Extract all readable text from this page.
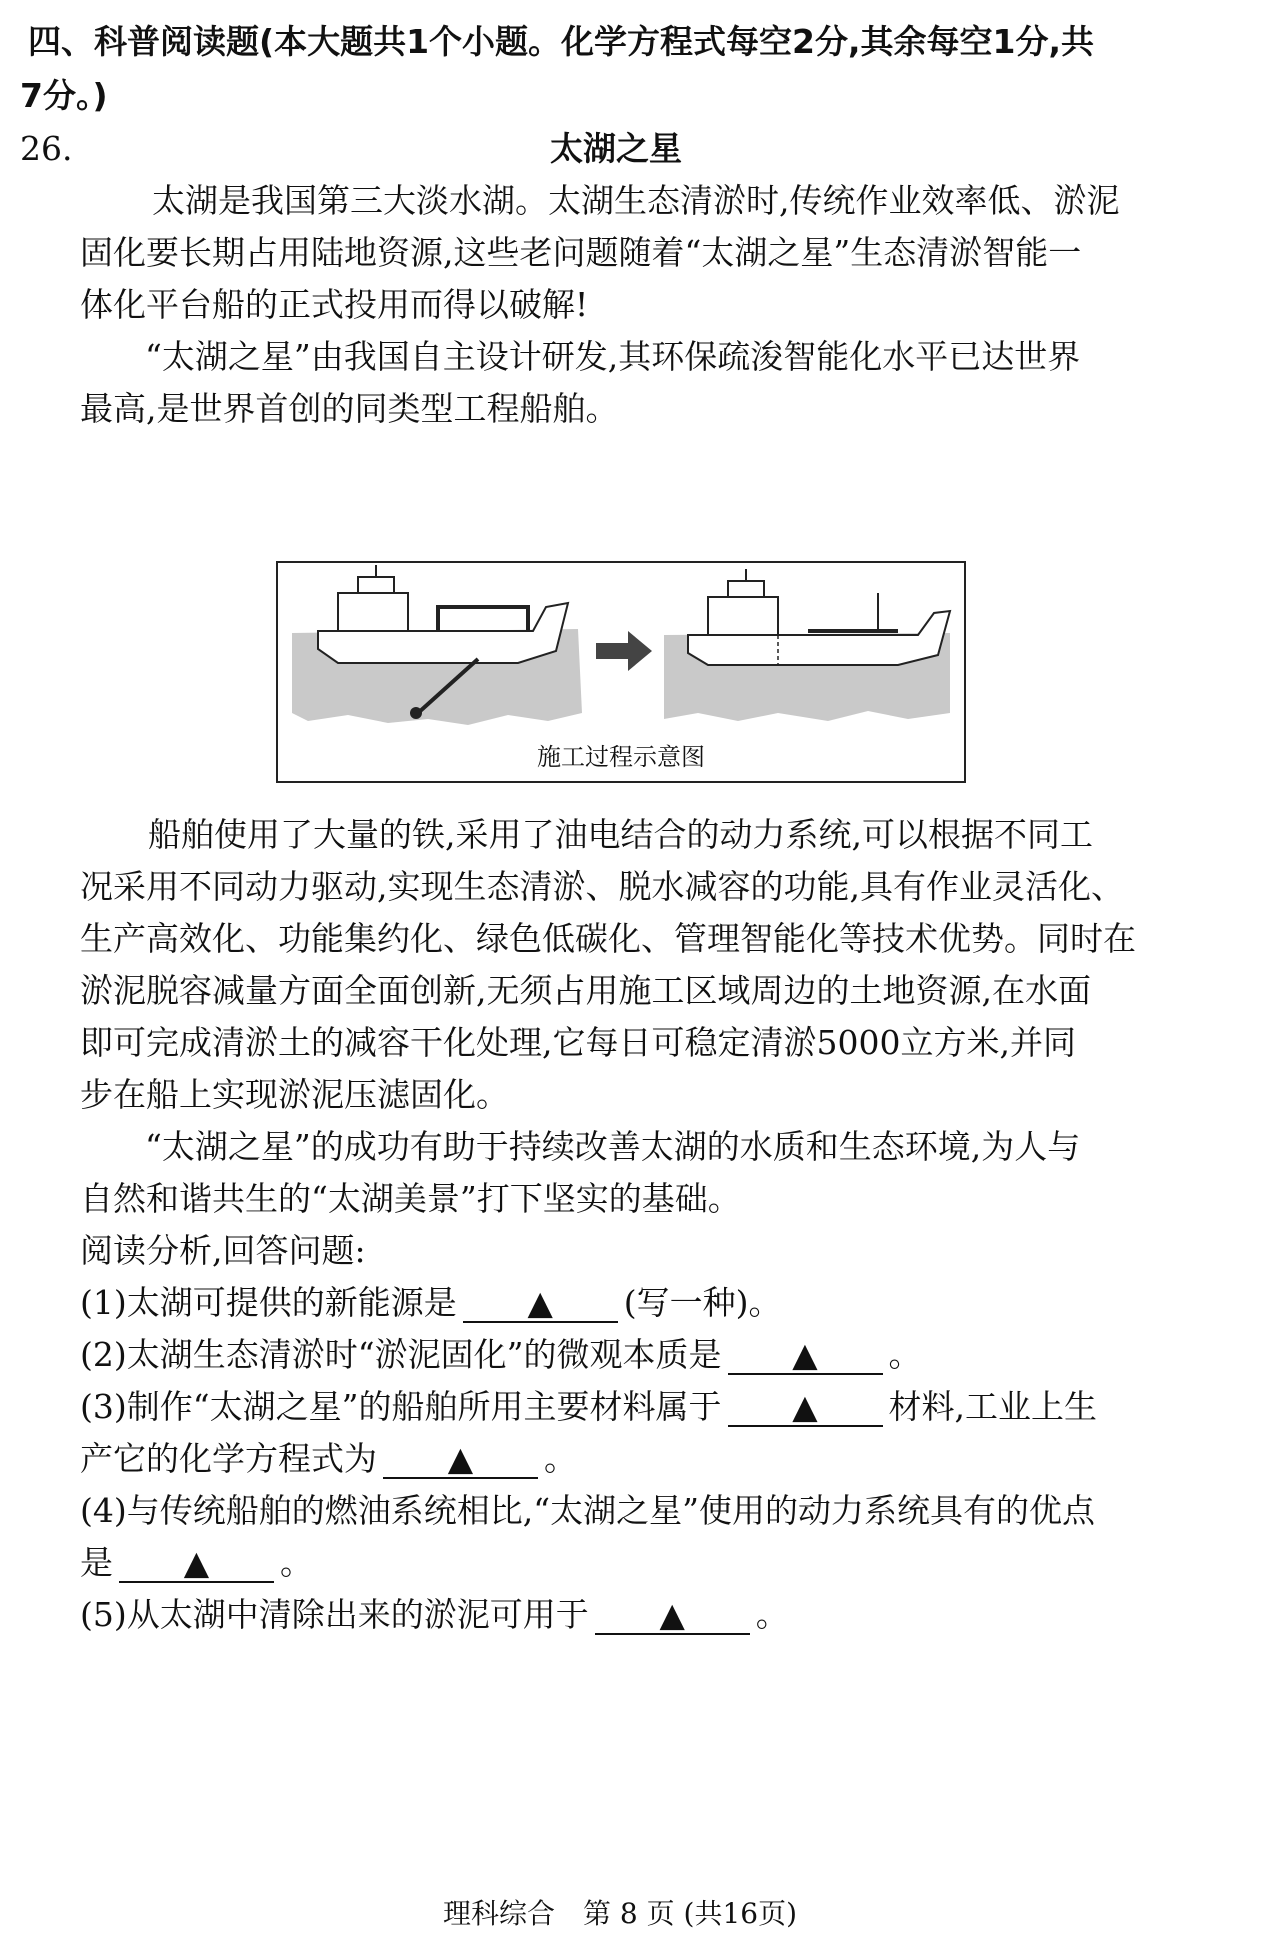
四、科普阅读题(本大题共1个小题。化学方程式每空2分,其余每空1分,共
7分。)
26.	太湖之星
太湖是我国第三大淡水湖。太湖生态清淤时,传统作业效率低、淤泥
固化要长期占用陆地资源,这些老问题随着“太湖之星”生态清淤智能一
体化平台船的正式投用而得以破解!
“太湖之星”由我国自主设计研发,其环保疏浚智能化水平已达世界
最高,是世界首创的同类型工程船舶。
施工过程示意图
船舶使用了大量的铁,采用了油电结合的动力系统,可以根据不同工
况采用不同动力驱动,实现生态清淤、脱水减容的功能,具有作业灵活化、
生产高效化、功能集约化、绿色低碳化、管理智能化等技术优势。同时在
淤泥脱容减量方面全面创新,无须占用施工区域周边的土地资源,在水面
即可完成清淤土的减容干化处理,它每日可稳定清淤5000立方米,并同
步在船上实现淤泥压滤固化。
“太湖之星”的成功有助于持续改善太湖的水质和生态环境,为人与
自然和谐共生的“太湖美景”打下坚实的基础。
阅读分析,回答问题:
(1)太湖可提供的新能源是 ▲ (写一种)。
(2)太湖生态清淤时“淤泥固化”的微观本质是 ▲ 。
(3)制作“太湖之星”的船舶所用主要材料属于 ▲ 材料,工业上生
产它的化学方程式为 ▲ 。
(4)与传统船舶的燃油系统相比,“太湖之星”使用的动力系统具有的优点
是 ▲ 。
(5)从太湖中清除出来的淤泥可用于 ▲ 。
理科综合　第 8 页 (共16页)
